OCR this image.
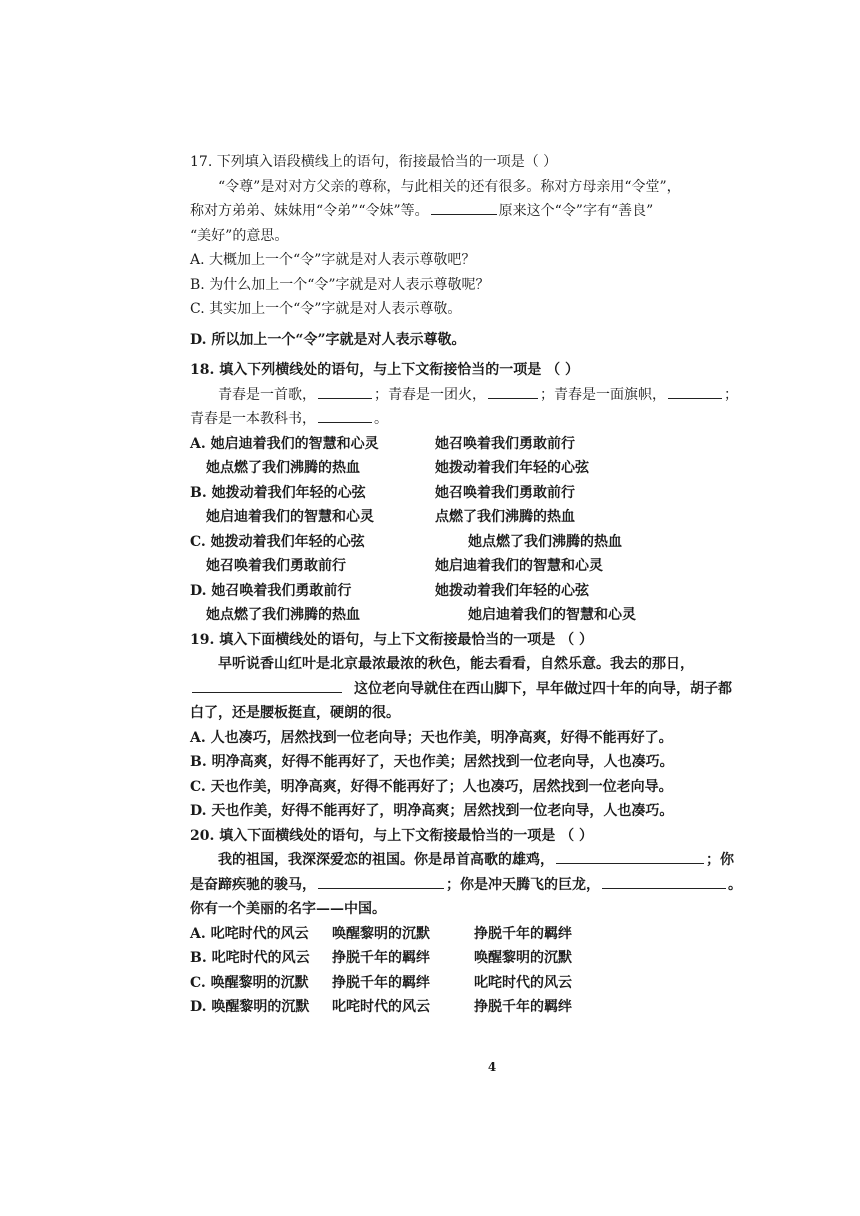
17. 下列填入语段横线上的语句，衔接最恰当的一项是（ ）
“令尊”是对对方父亲的尊称，与此相关的还有很多。称对方母亲用“令堂”，
称对方弟弟、妹妹用“令弟”“令妹”等。	原来这个“令”字有“善良”
“美好”的意思。
A. 大概加上一个“令”字就是对人表示尊敬吧？
B. 为什么加上一个“令”字就是对人表示尊敬呢？
C. 其实加上一个“令”字就是对人表示尊敬。
D. 所以加上一个“令”字就是对人表示尊敬。
18. 填入下列横线处的语句，与上下文衔接恰当的一项是 （ ）
青春是一首歌，	；青春是一团火，	；青春是一面旗帜，	；
青春是一本教科书，	。
A. 她启迪着我们的智慧和心灵	她召唤着我们勇敢前行
她点燃了我们沸腾的热血	她拨动着我们年轻的心弦
B. 她拨动着我们年轻的心弦	她召唤着我们勇敢前行
她启迪着我们的智慧和心灵	点燃了我们沸腾的热血
C. 她拨动着我们年轻的心弦	她点燃了我们沸腾的热血
她召唤着我们勇敢前行	她启迪着我们的智慧和心灵
D. 她召唤着我们勇敢前行	她拨动着我们年轻的心弦
她点燃了我们沸腾的热血	她启迪着我们的智慧和心灵
19. 填入下面横线处的语句，与上下文衔接最恰当的一项是 （ ）
早听说香山红叶是北京最浓最浓的秋色，能去看看，自然乐意。我去的那日，
这位老向导就住在西山脚下，早年做过四十年的向导，胡子都
白了，还是腰板挺直，硬朗的很。
A. 人也凑巧，居然找到一位老向导；天也作美，明净高爽，好得不能再好了。
B. 明净高爽，好得不能再好了，天也作美；居然找到一位老向导，人也凑巧。
C. 天也作美，明净高爽，好得不能再好了；人也凑巧，居然找到一位老向导。
D. 天也作美，好得不能再好了，明净高爽；居然找到一位老向导，人也凑巧。
20. 填入下面横线处的语句，与上下文衔接最恰当的一项是 （ ）
我的祖国，我深深爱恋的祖国。你是昂首高歌的雄鸡，	；你
是奋蹄疾驰的骏马，	；你是冲天腾飞的巨龙，	。
你有一个美丽的名字——中国。
A. 叱咤时代的风云	唤醒黎明的沉默	挣脱千年的羁绊
B. 叱咤时代的风云	挣脱千年的羁绊	唤醒黎明的沉默
C. 唤醒黎明的沉默	挣脱千年的羁绊	叱咤时代的风云
D. 唤醒黎明的沉默	叱咤时代的风云	挣脱千年的羁绊
4
